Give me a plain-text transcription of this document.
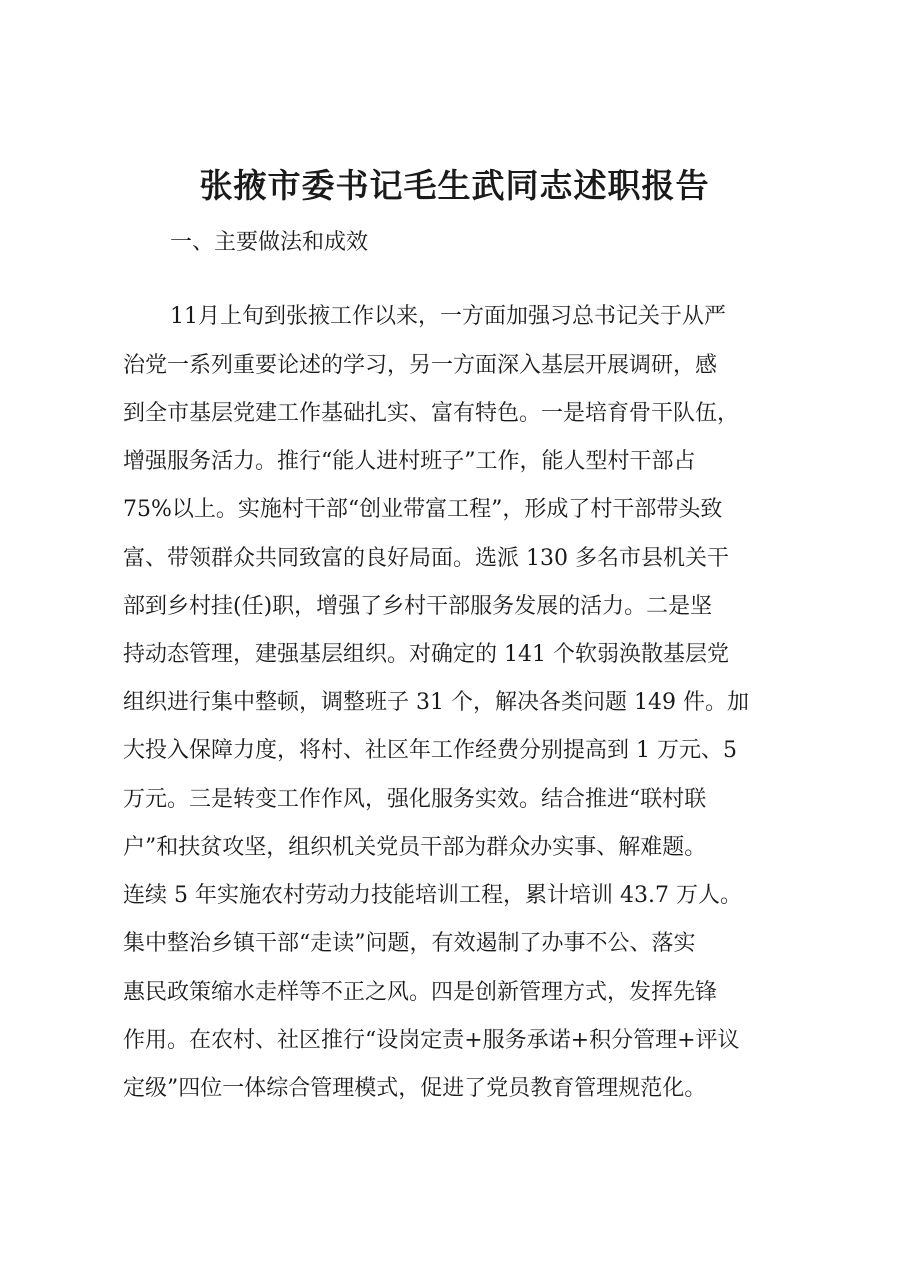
张掖市委书记毛生武同志述职报告
一、主要做法和成效
11月上旬到张掖工作以来，一方面加强习总书记关于从严
治党一系列重要论述的学习，另一方面深入基层开展调研，感
到全市基层党建工作基础扎实、富有特色。一是培育骨干队伍，
增强服务活力。推行“能人进村班子”工作，能人型村干部占
75%以上。实施村干部“创业带富工程”，形成了村干部带头致
富、带领群众共同致富的良好局面。选派 130 多名市县机关干
部到乡村挂(任)职，增强了乡村干部服务发展的活力。二是坚
持动态管理，建强基层组织。对确定的 141 个软弱涣散基层党
组织进行集中整顿，调整班子 31 个，解决各类问题 149 件。加
大投入保障力度，将村、社区年工作经费分别提高到 1 万元、5
万元。三是转变工作作风，强化服务实效。结合推进“联村联
户”和扶贫攻坚，组织机关党员干部为群众办实事、解难题。
连续 5 年实施农村劳动力技能培训工程，累计培训 43.7 万人。
集中整治乡镇干部“走读”问题，有效遏制了办事不公、落实
惠民政策缩水走样等不正之风。四是创新管理方式，发挥先锋
作用。在农村、社区推行“设岗定责+服务承诺+积分管理+评议
定级”四位一体综合管理模式，促进了党员教育管理规范化。
